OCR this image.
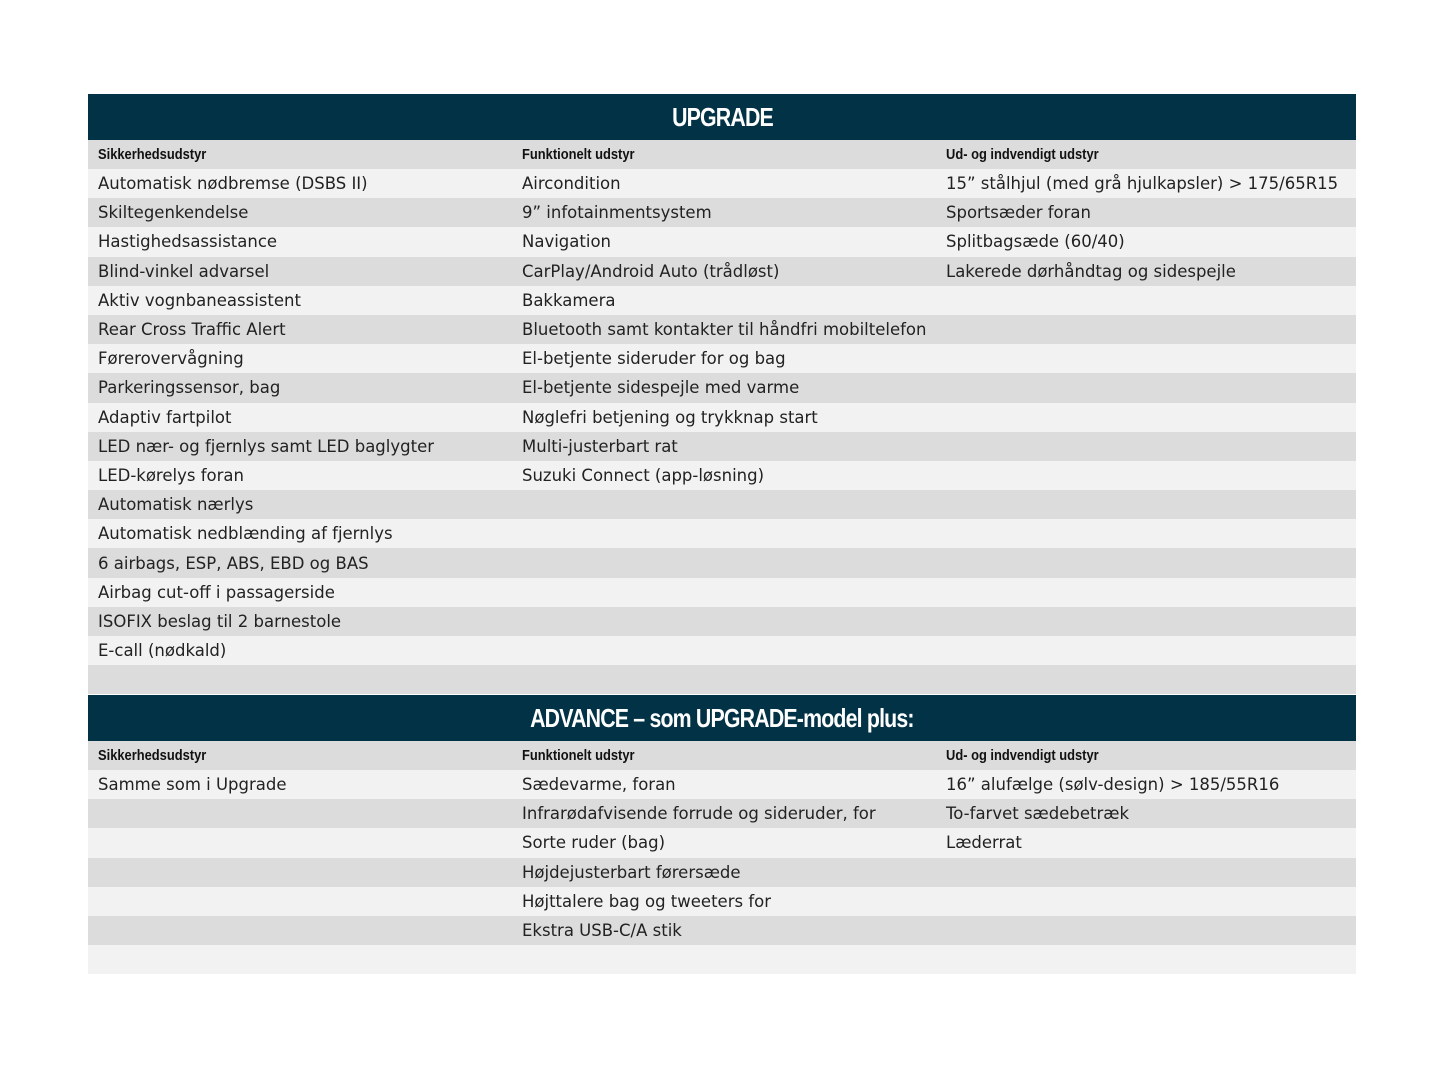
UPGRADE		
Sikkerhedsudstyr	Funktionelt udstyr	Ud- og indvendigt udstyr
Automatisk nødbremse (DSBS II)	Aircondition	15” stålhjul (med grå hjulkapsler) > 175/65R15
Skiltegenkendelse	9” infotainmentsystem	Sportsæder foran
Hastighedsassistance	Navigation	Splitbagsæde (60/40)
Blind-vinkel advarsel	CarPlay/Android Auto (trådløst)	Lakerede dørhåndtag og sidespejle
Aktiv vognbaneassistent	Bakkamera	
Rear Cross Traffic Alert	Bluetooth samt kontakter til håndfri mobiltelefon	
Førerovervågning	El-betjente sideruder for og bag	
Parkeringssensor, bag	El-betjente sidespejle med varme	
Adaptiv fartpilot	Nøglefri betjening og trykknap start	
LED nær- og fjernlys samt LED baglygter	Multi-justerbart rat	
LED-kørelys foran	Suzuki Connect (app-løsning)	
Automatisk nærlys		
Automatisk nedblænding af fjernlys		
6 airbags, ESP, ABS, EBD og BAS		
Airbag cut-off i passagerside		
ISOFIX beslag til 2 barnestole		
E-call (nødkald)		

ADVANCE – som UPGRADE-model plus:		
Sikkerhedsudstyr	Funktionelt udstyr	Ud- og indvendigt udstyr
Samme som i Upgrade	Sædevarme, foran	16” alufælge (sølv-design) > 185/55R16
	Infrarødafvisende forrude og sideruder, for	To-farvet sædebetræk
	Sorte ruder (bag)	Læderrat
	Højdejusterbart førersæde	
	Højttalere bag og tweeters for	
	Ekstra USB-C/A stik	
